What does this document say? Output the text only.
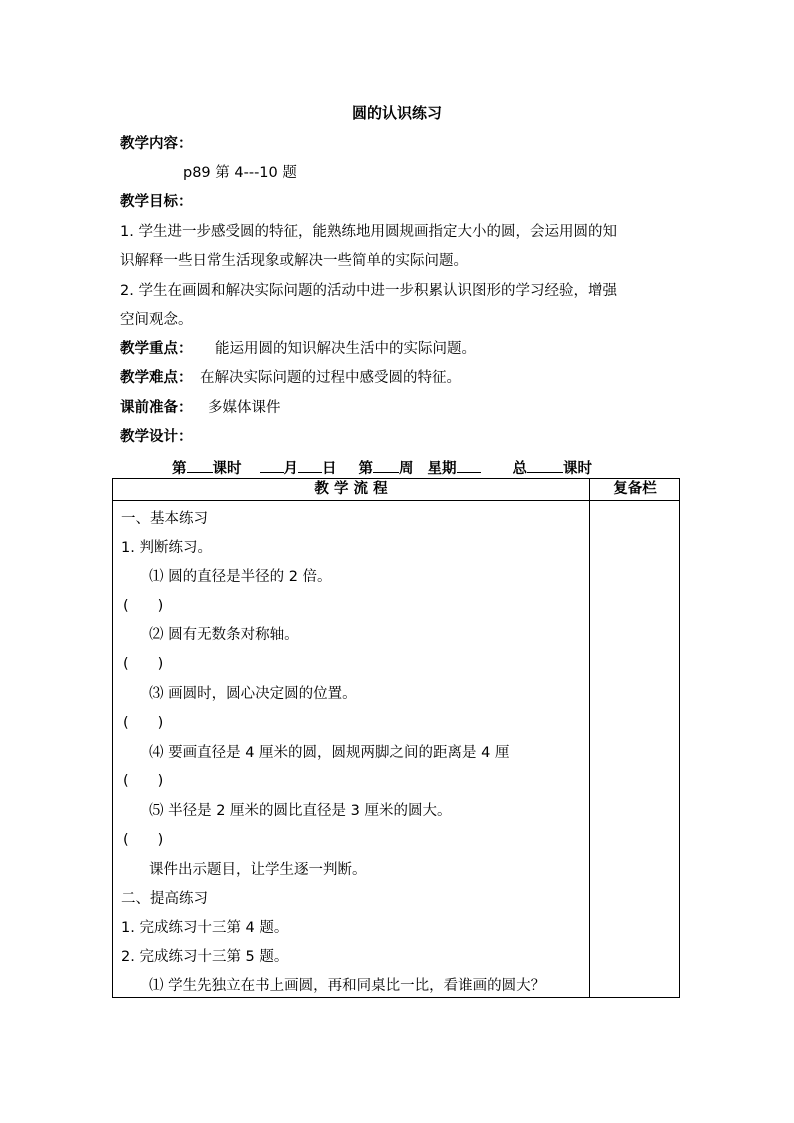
圆的认识练习
教学内容：
p89 第 4---10 题
教学目标：
1. 学生进一步感受圆的特征，能熟练地用圆规画指定大小的圆，会运用圆的知
识解释一些日常生活现象或解决一些简单的实际问题。
2. 学生在画圆和解决实际问题的活动中进一步积累认识图形的学习经验，增强
空间观念。
教学重点： 能运用圆的知识解决生活中的实际问题。
教学难点： 在解决实际问题的过程中感受圆的特征。
课前准备： 多媒体课件
教学设计：
第 课时	月 日 第 周 星期	总 课时
教 学 流 程	复备栏
一、基本练习
1. 判断练习。
⑴ 圆的直径是半径的 2 倍。
(　　)
⑵ 圆有无数条对称轴。
(　　)
⑶ 画圆时，圆心决定圆的位置。
(　　)
⑷ 要画直径是 4 厘米的圆，圆规两脚之间的距离是 4 厘
(　　)
⑸ 半径是 2 厘米的圆比直径是 3 厘米的圆大。
(　　)
课件出示题目，让学生逐一判断。
二、提高练习
1. 完成练习十三第 4 题。
2. 完成练习十三第 5 题。
⑴ 学生先独立在书上画圆，再和同桌比一比，看谁画的圆大？
